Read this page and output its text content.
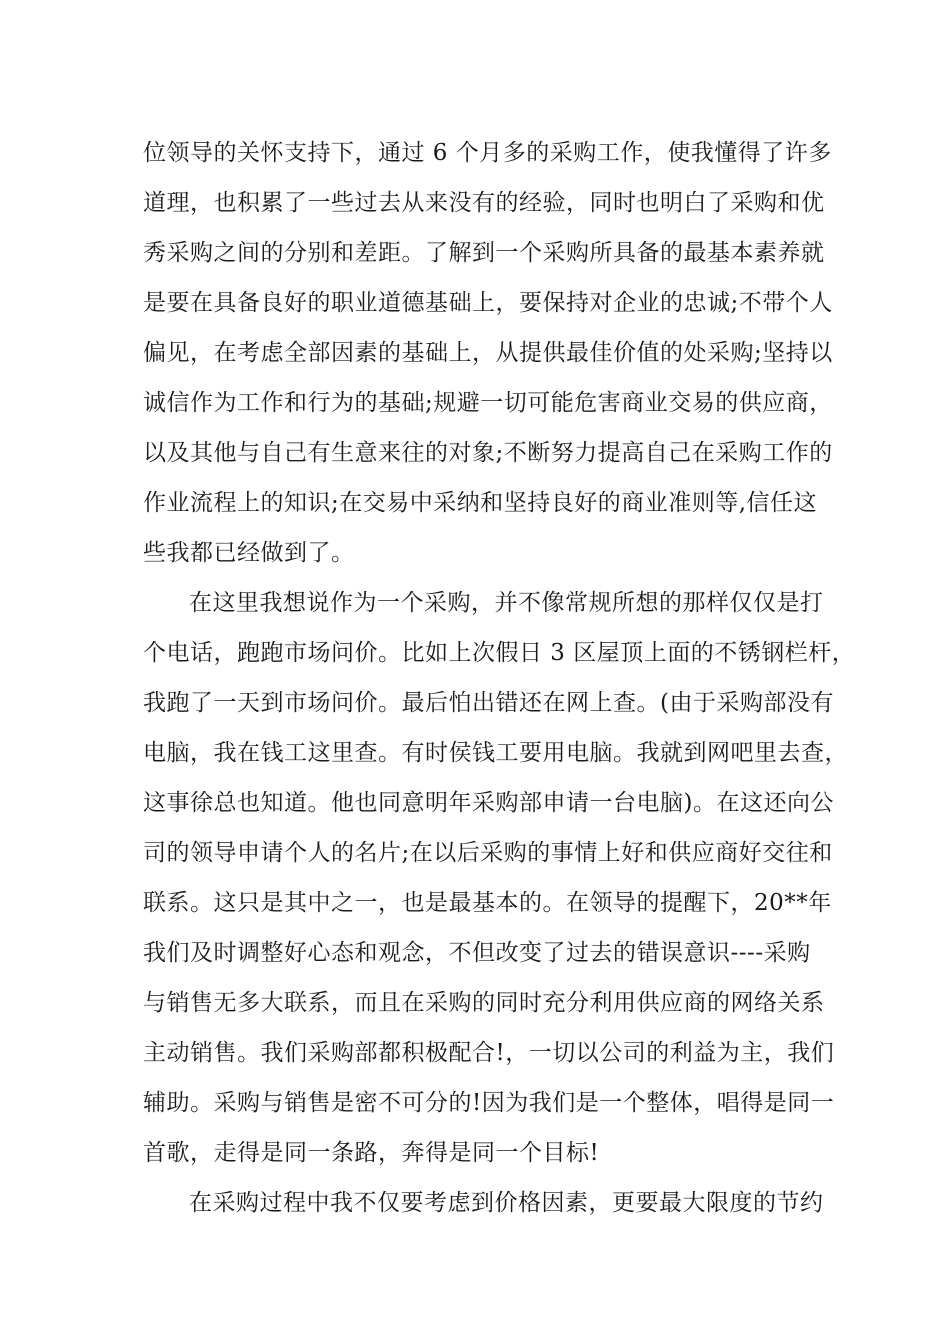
位领导的关怀支持下，通过 6 个月多的采购工作，使我懂得了许多
道理，也积累了一些过去从来没有的经验，同时也明白了采购和优
秀采购之间的分别和差距。了解到一个采购所具备的最基本素养就
是要在具备良好的职业道德基础上，要保持对企业的忠诚;不带个人
偏见，在考虑全部因素的基础上，从提供最佳价值的处采购;坚持以
诚信作为工作和行为的基础;规避一切可能危害商业交易的供应商，
以及其他与自己有生意来往的对象;不断努力提高自己在采购工作的
作业流程上的知识;在交易中采纳和坚持良好的商业准则等,信任这
些我都已经做到了。
在这里我想说作为一个采购，并不像常规所想的那样仅仅是打
个电话，跑跑市场问价。比如上次假日 3 区屋顶上面的不锈钢栏杆，
我跑了一天到市场问价。最后怕出错还在网上查。(由于采购部没有
电脑，我在钱工这里查。有时侯钱工要用电脑。我就到网吧里去查，
这事徐总也知道。他也同意明年采购部申请一台电脑)。在这还向公
司的领导申请个人的名片;在以后采购的事情上好和供应商好交往和
联系。这只是其中之一，也是最基本的。在领导的提醒下，20**年
我们及时调整好心态和观念，不但改变了过去的错误意识----采购
与销售无多大联系，而且在采购的同时充分利用供应商的网络关系
主动销售。我们采购部都积极配合!，一切以公司的利益为主，我们
辅助。采购与销售是密不可分的!因为我们是一个整体，唱得是同一
首歌，走得是同一条路，奔得是同一个目标!
在采购过程中我不仅要考虑到价格因素，更要最大限度的节约
